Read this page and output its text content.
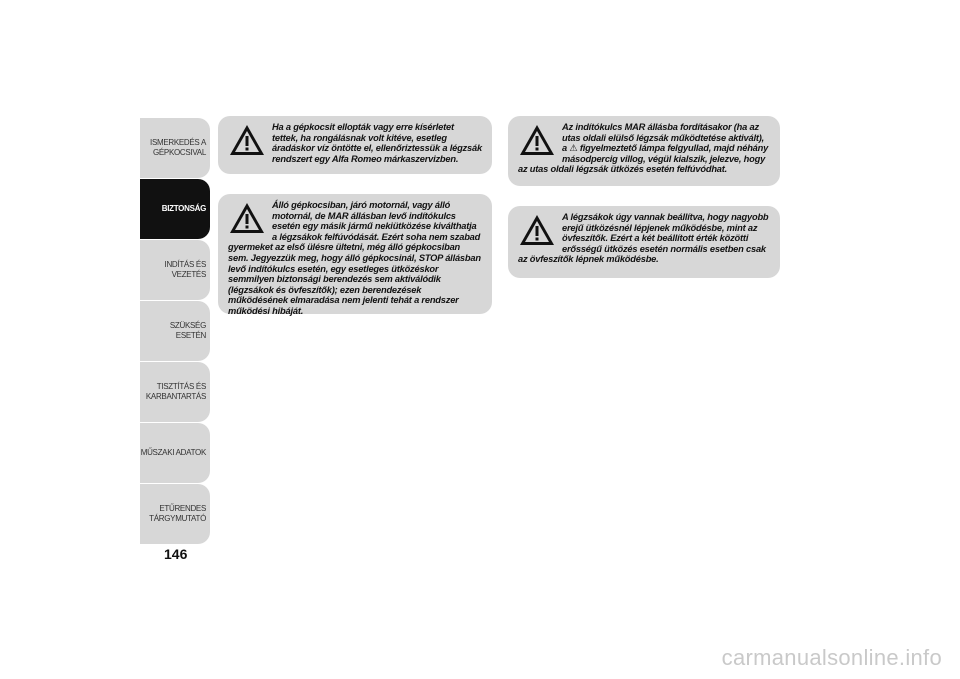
ISMERKEDÉS A
GÉPKOCSIVAL
BIZTONSÁG
INDÍTÁS ÉS VEZETÉS
SZÜKSÉG ESETÉN
TISZTÍTÁS ÉS
KARBANTARTÁS
MŰSZAKI ADATOK
ETŰRENDES
TÁRGYMUTATÓ
146

Ha a gépkocsit ellopták vagy erre kísérletet tettek, ha rongálásnak volt kitéve, esetleg áradáskor víz öntötte el, ellenőriztessük a légzsák rendszert egy Alfa Romeo márkaszervizben.

Álló gépkocsiban, járó motornál, vagy álló motornál, de MAR állásban levő indítókulcs esetén egy másik jármű nekiütközése kiválthatja a légzsákok felfúvódását. Ezért soha nem szabad gyermeket az első ülésre ültetni, még álló gépkocsiban sem. Jegyezzük meg, hogy álló gépkocsinál, STOP állásban levő indítókulcs esetén, egy esetleges ütközéskor semmilyen biztonsági berendezés sem aktiválódik (légzsákok és övfeszítők); ezen berendezések működésének elmaradása nem jelenti tehát a rendszer működési hibáját.

Az indítókulcs MAR állásba fordításakor (ha az utas oldali elülső légzsák működtetése aktivált), a ⚠ figyelmeztető lámpa felgyullad, majd néhány másodpercig villog, végül kialszik, jelezve, hogy az utas oldali légzsák ütközés esetén felfúvódhat.

A légzsákok úgy vannak beállítva, hogy nagyobb erejű ütközésnél lépjenek működésbe, mint az övfeszítők. Ezért a két beállított érték közötti erősségű ütközés esetén normális esetben csak az övfeszítők lépnek működésbe.

carmanualsonline.info
